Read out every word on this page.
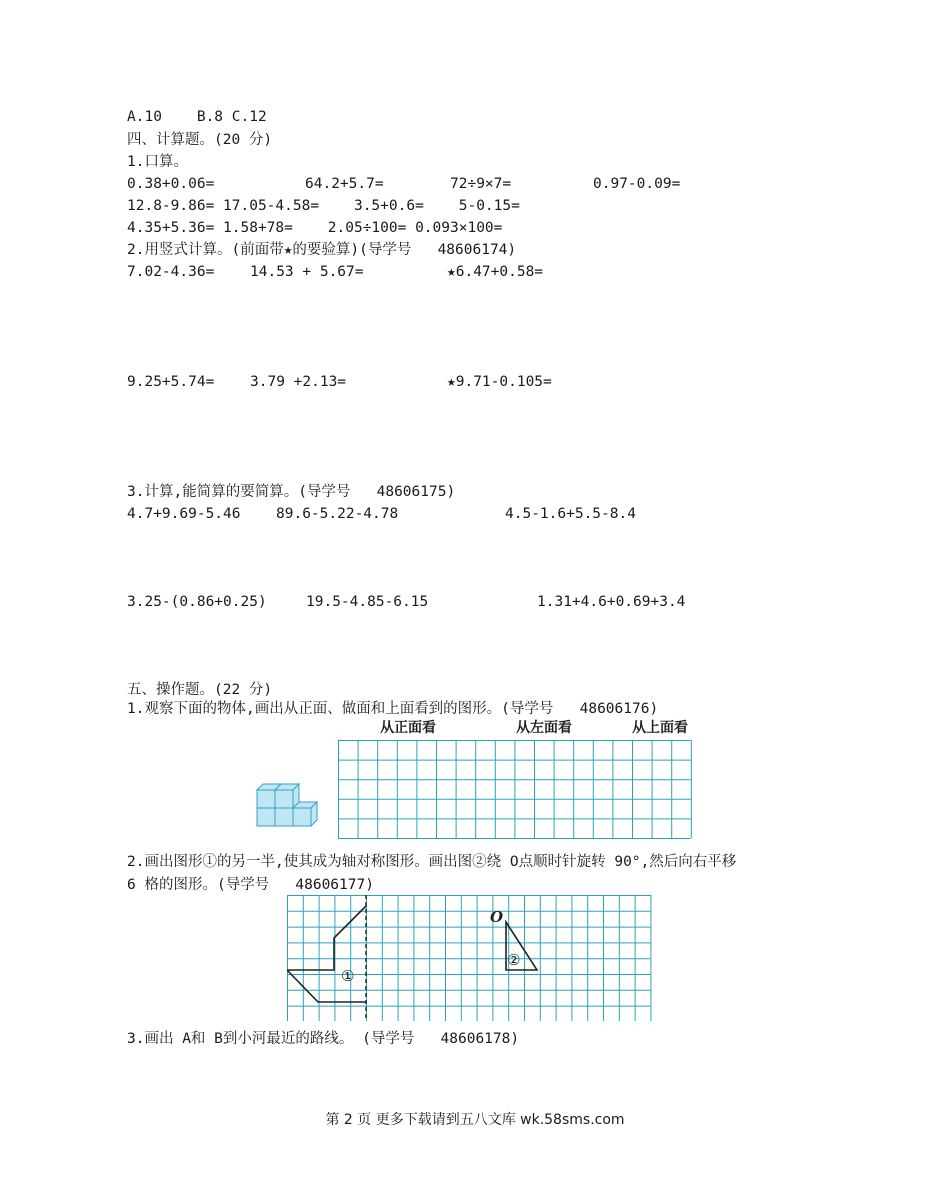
A.10    B.8 C.12
四、计算题。(20 分)
1.口算。
0.38+0.06=	64.2+5.7=	72÷9×7=	0.97-0.09=
12.8-9.86= 17.05-4.58=    3.5+0.6=    5-0.15=
4.35+5.36= 1.58+78=    2.05÷100= 0.093×100=
2.用竖式计算。(前面带★的要验算)(导学号   48606174)
7.02-4.36= 14.53 + 5.67=	★6.47+0.58=
9.25+5.74= 3.79 +2.13=	★9.71-0.105=
3.计算,能简算的要简算。(导学号   48606175)
4.7+9.69-5.46 89.6-5.22-4.78	4.5-1.6+5.5-8.4
3.25-(0.86+0.25)	19.5-4.85-6.15	1.31+4.6+0.69+3.4
五、操作题。(22 分)
1.观察下面的物体,画出从正面、做面和上面看到的图形。(导学号   48606176)
从正面看	从左面看	从上面看
2.画出图形①的另一半,使其成为轴对称图形。画出图②绕 O点顺时针旋转 90°,然后向右平移
6 格的图形。(导学号   48606177)
①
O
②
3.画出 A和 B到小河最近的路线。 (导学号   48606178)
第 2 页 更多下载请到五八文库 wk.58sms.com
